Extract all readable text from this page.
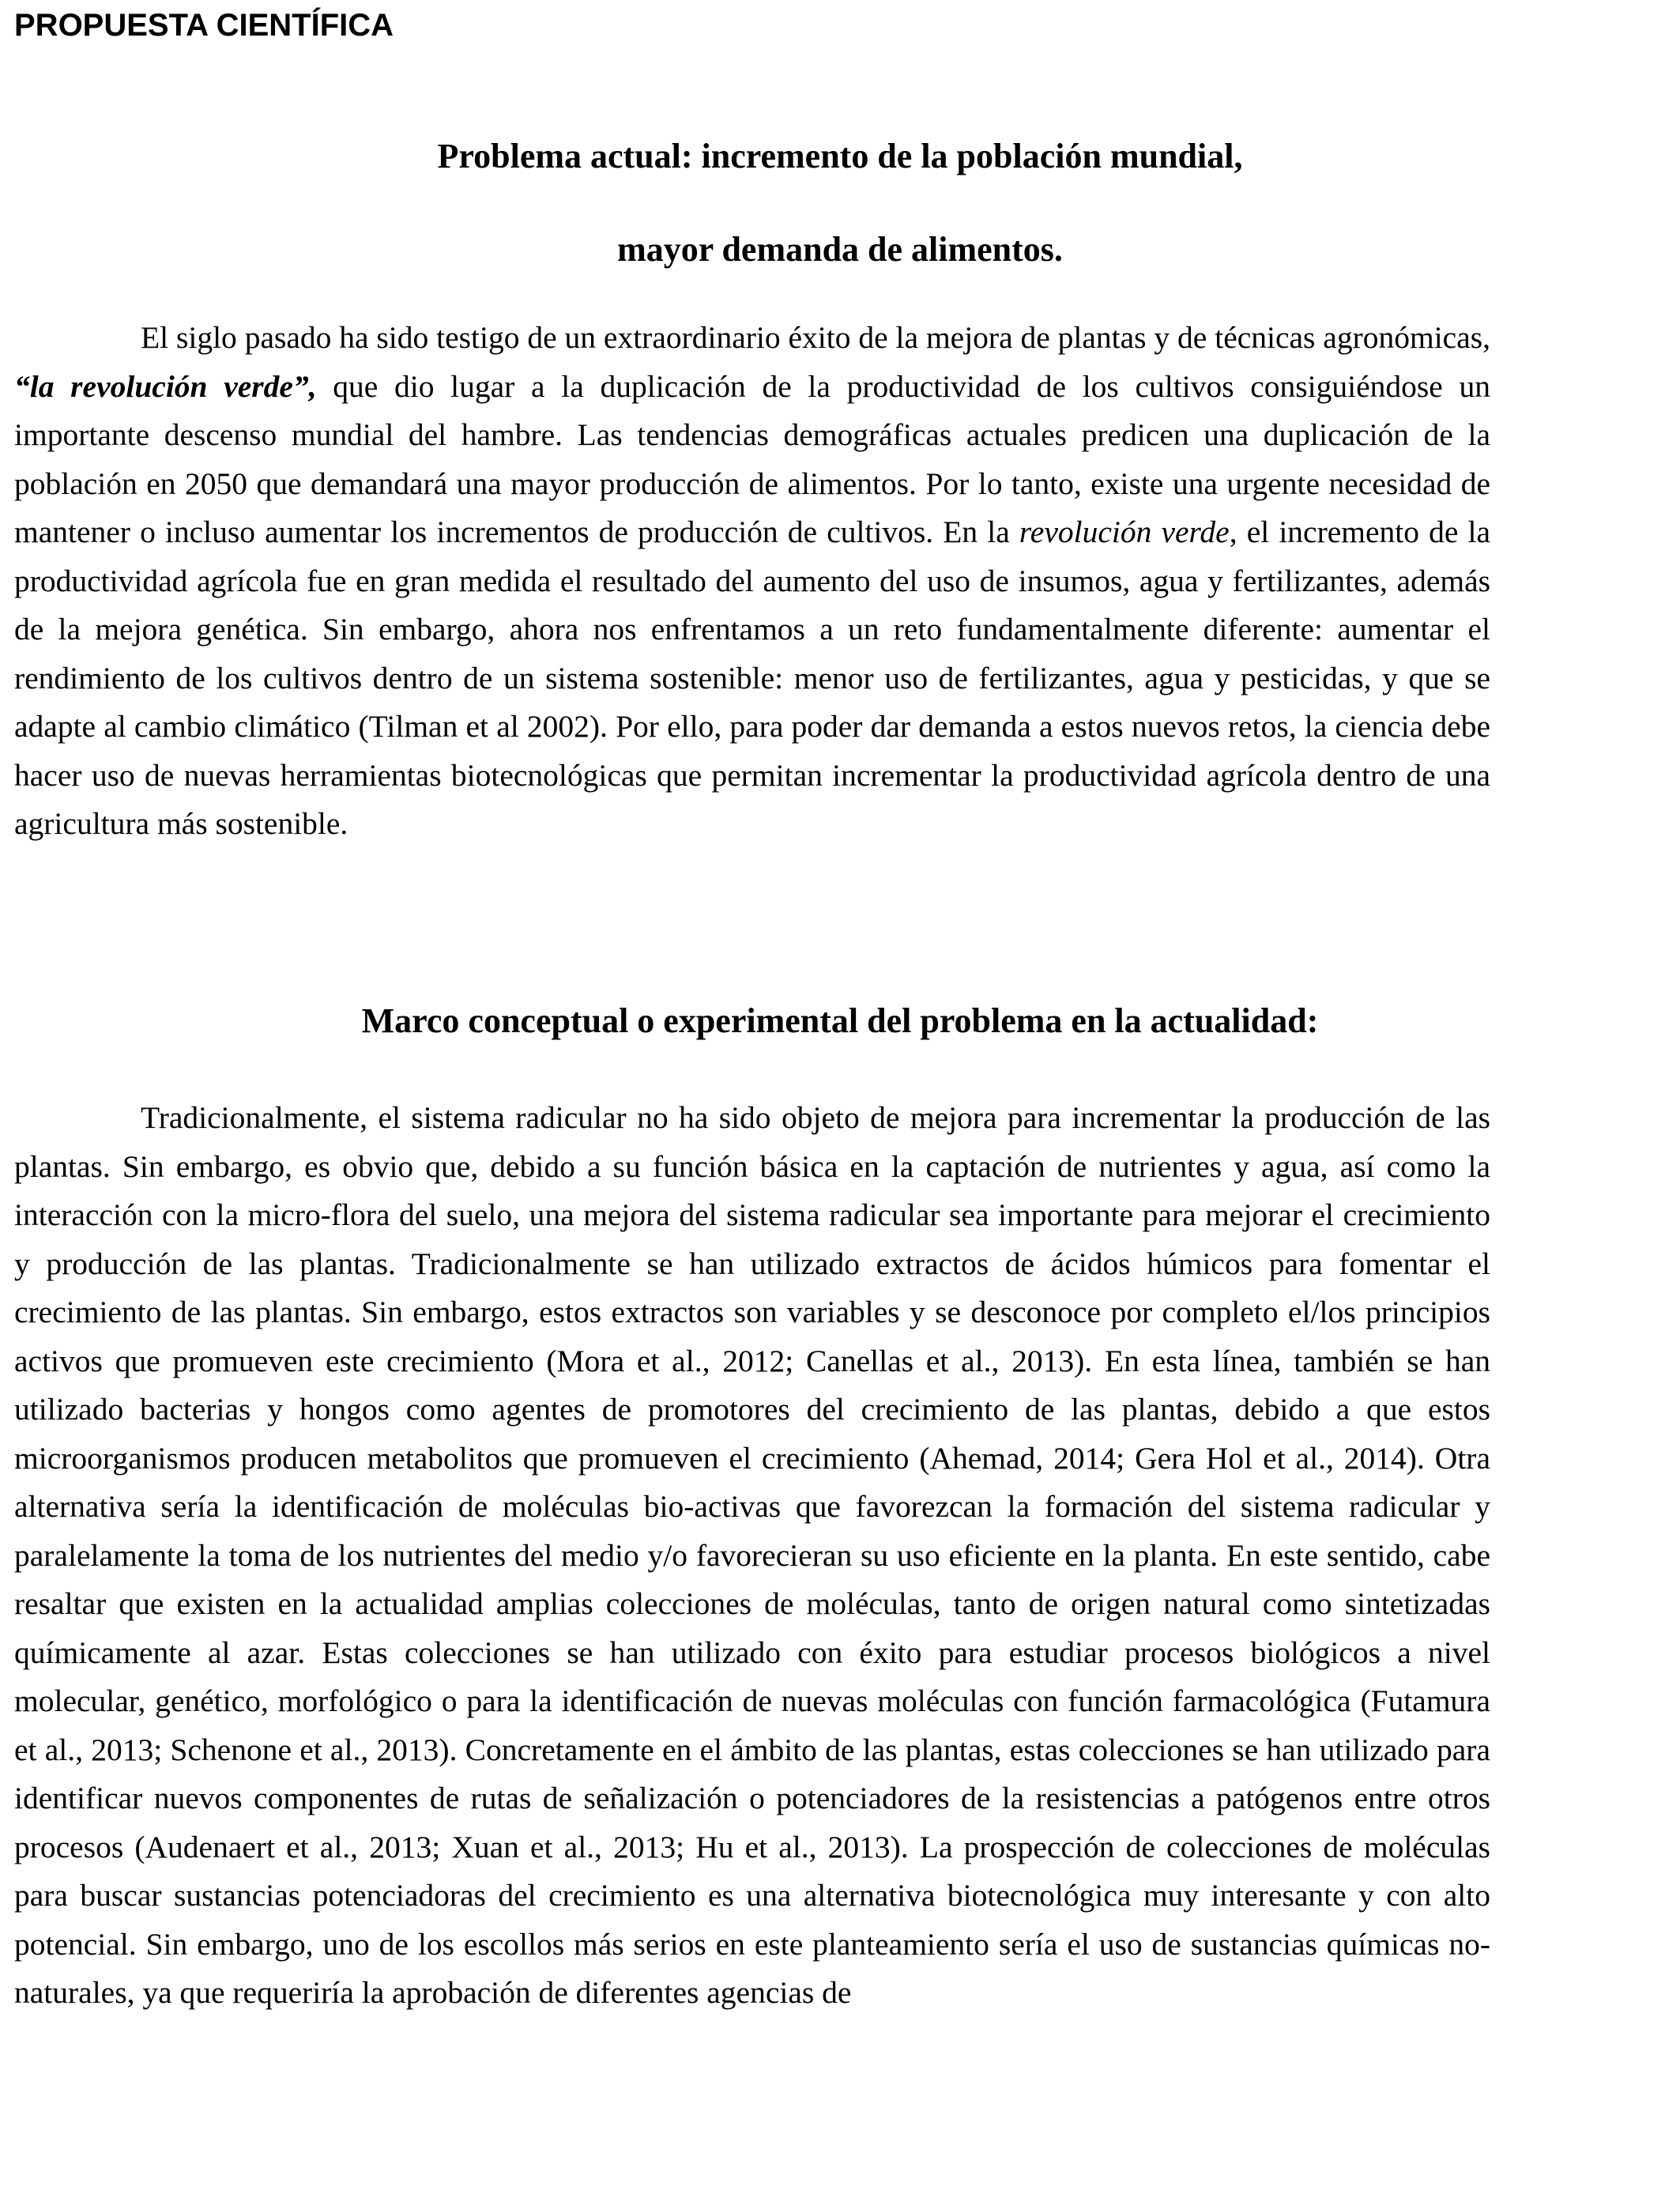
PROPUESTA CIENTÍFICA
Problema actual: incremento de la población mundial,
mayor demanda de alimentos.

El siglo pasado ha sido testigo de un extraordinario éxito de la mejora de plantas y de técnicas agronómicas, “la revolución verde”, que dio lugar a la duplicación de la productividad de los cultivos consiguiéndose un importante descenso mundial del hambre. Las tendencias demográficas actuales predicen una duplicación de la población en 2050 que demandará una mayor producción de alimentos. Por lo tanto, existe una urgente necesidad de mantener o incluso aumentar los incrementos de producción de cultivos. En la revolución verde, el incremento de la productividad agrícola fue en gran medida el resultado del aumento del uso de insumos, agua y fertilizantes, además de la mejora genética. Sin embargo, ahora nos enfrentamos a un reto fundamentalmente diferente: aumentar el rendimiento de los cultivos dentro de un sistema sostenible: menor uso de fertilizantes, agua y pesticidas, y que se adapte al cambio climático (Tilman et al 2002). Por ello, para poder dar demanda a estos nuevos retos, la ciencia debe hacer uso de nuevas herramientas biotecnológicas que permitan incrementar la productividad agrícola dentro de una agricultura más sostenible.

Marco conceptual o experimental del problema en la actualidad:

Tradicionalmente, el sistema radicular no ha sido objeto de mejora para incrementar la producción de las plantas. Sin embargo, es obvio que, debido a su función básica en la captación de nutrientes y agua, así como la interacción con la micro-flora del suelo, una mejora del sistema radicular sea importante para mejorar el crecimiento y producción de las plantas. Tradicionalmente se han utilizado extractos de ácidos húmicos para fomentar el crecimiento de las plantas. Sin embargo, estos extractos son variables y se desconoce por completo el/los principios activos que promueven este crecimiento (Mora et al., 2012; Canellas et al., 2013). En esta línea, también se han utilizado bacterias y hongos como agentes de promotores del crecimiento de las plantas, debido a que estos microorganismos producen metabolitos que promueven el crecimiento (Ahemad, 2014; Gera Hol et al., 2014). Otra alternativa sería la identificación de moléculas bio-activas que favorezcan la formación del sistema radicular y paralelamente la toma de los nutrientes del medio y/o favorecieran su uso eficiente en la planta. En este sentido, cabe resaltar que existen en la actualidad amplias colecciones de moléculas, tanto de origen natural como sintetizadas químicamente al azar. Estas colecciones se han utilizado con éxito para estudiar procesos biológicos a nivel molecular, genético, morfológico o para la identificación de nuevas moléculas con función farmacológica (Futamura et al., 2013; Schenone et al., 2013). Concretamente en el ámbito de las plantas, estas colecciones se han utilizado para identificar nuevos componentes de rutas de señalización o potenciadores de la resistencias a patógenos entre otros procesos (Audenaert et al., 2013; Xuan et al., 2013; Hu et al., 2013). La prospección de colecciones de moléculas para buscar sustancias potenciadoras del crecimiento es una alternativa biotecnológica muy interesante y con alto potencial. Sin embargo, uno de los escollos más serios en este planteamiento sería el uso de sustancias químicas no-naturales, ya que requeriría la aprobación de diferentes agencias de
